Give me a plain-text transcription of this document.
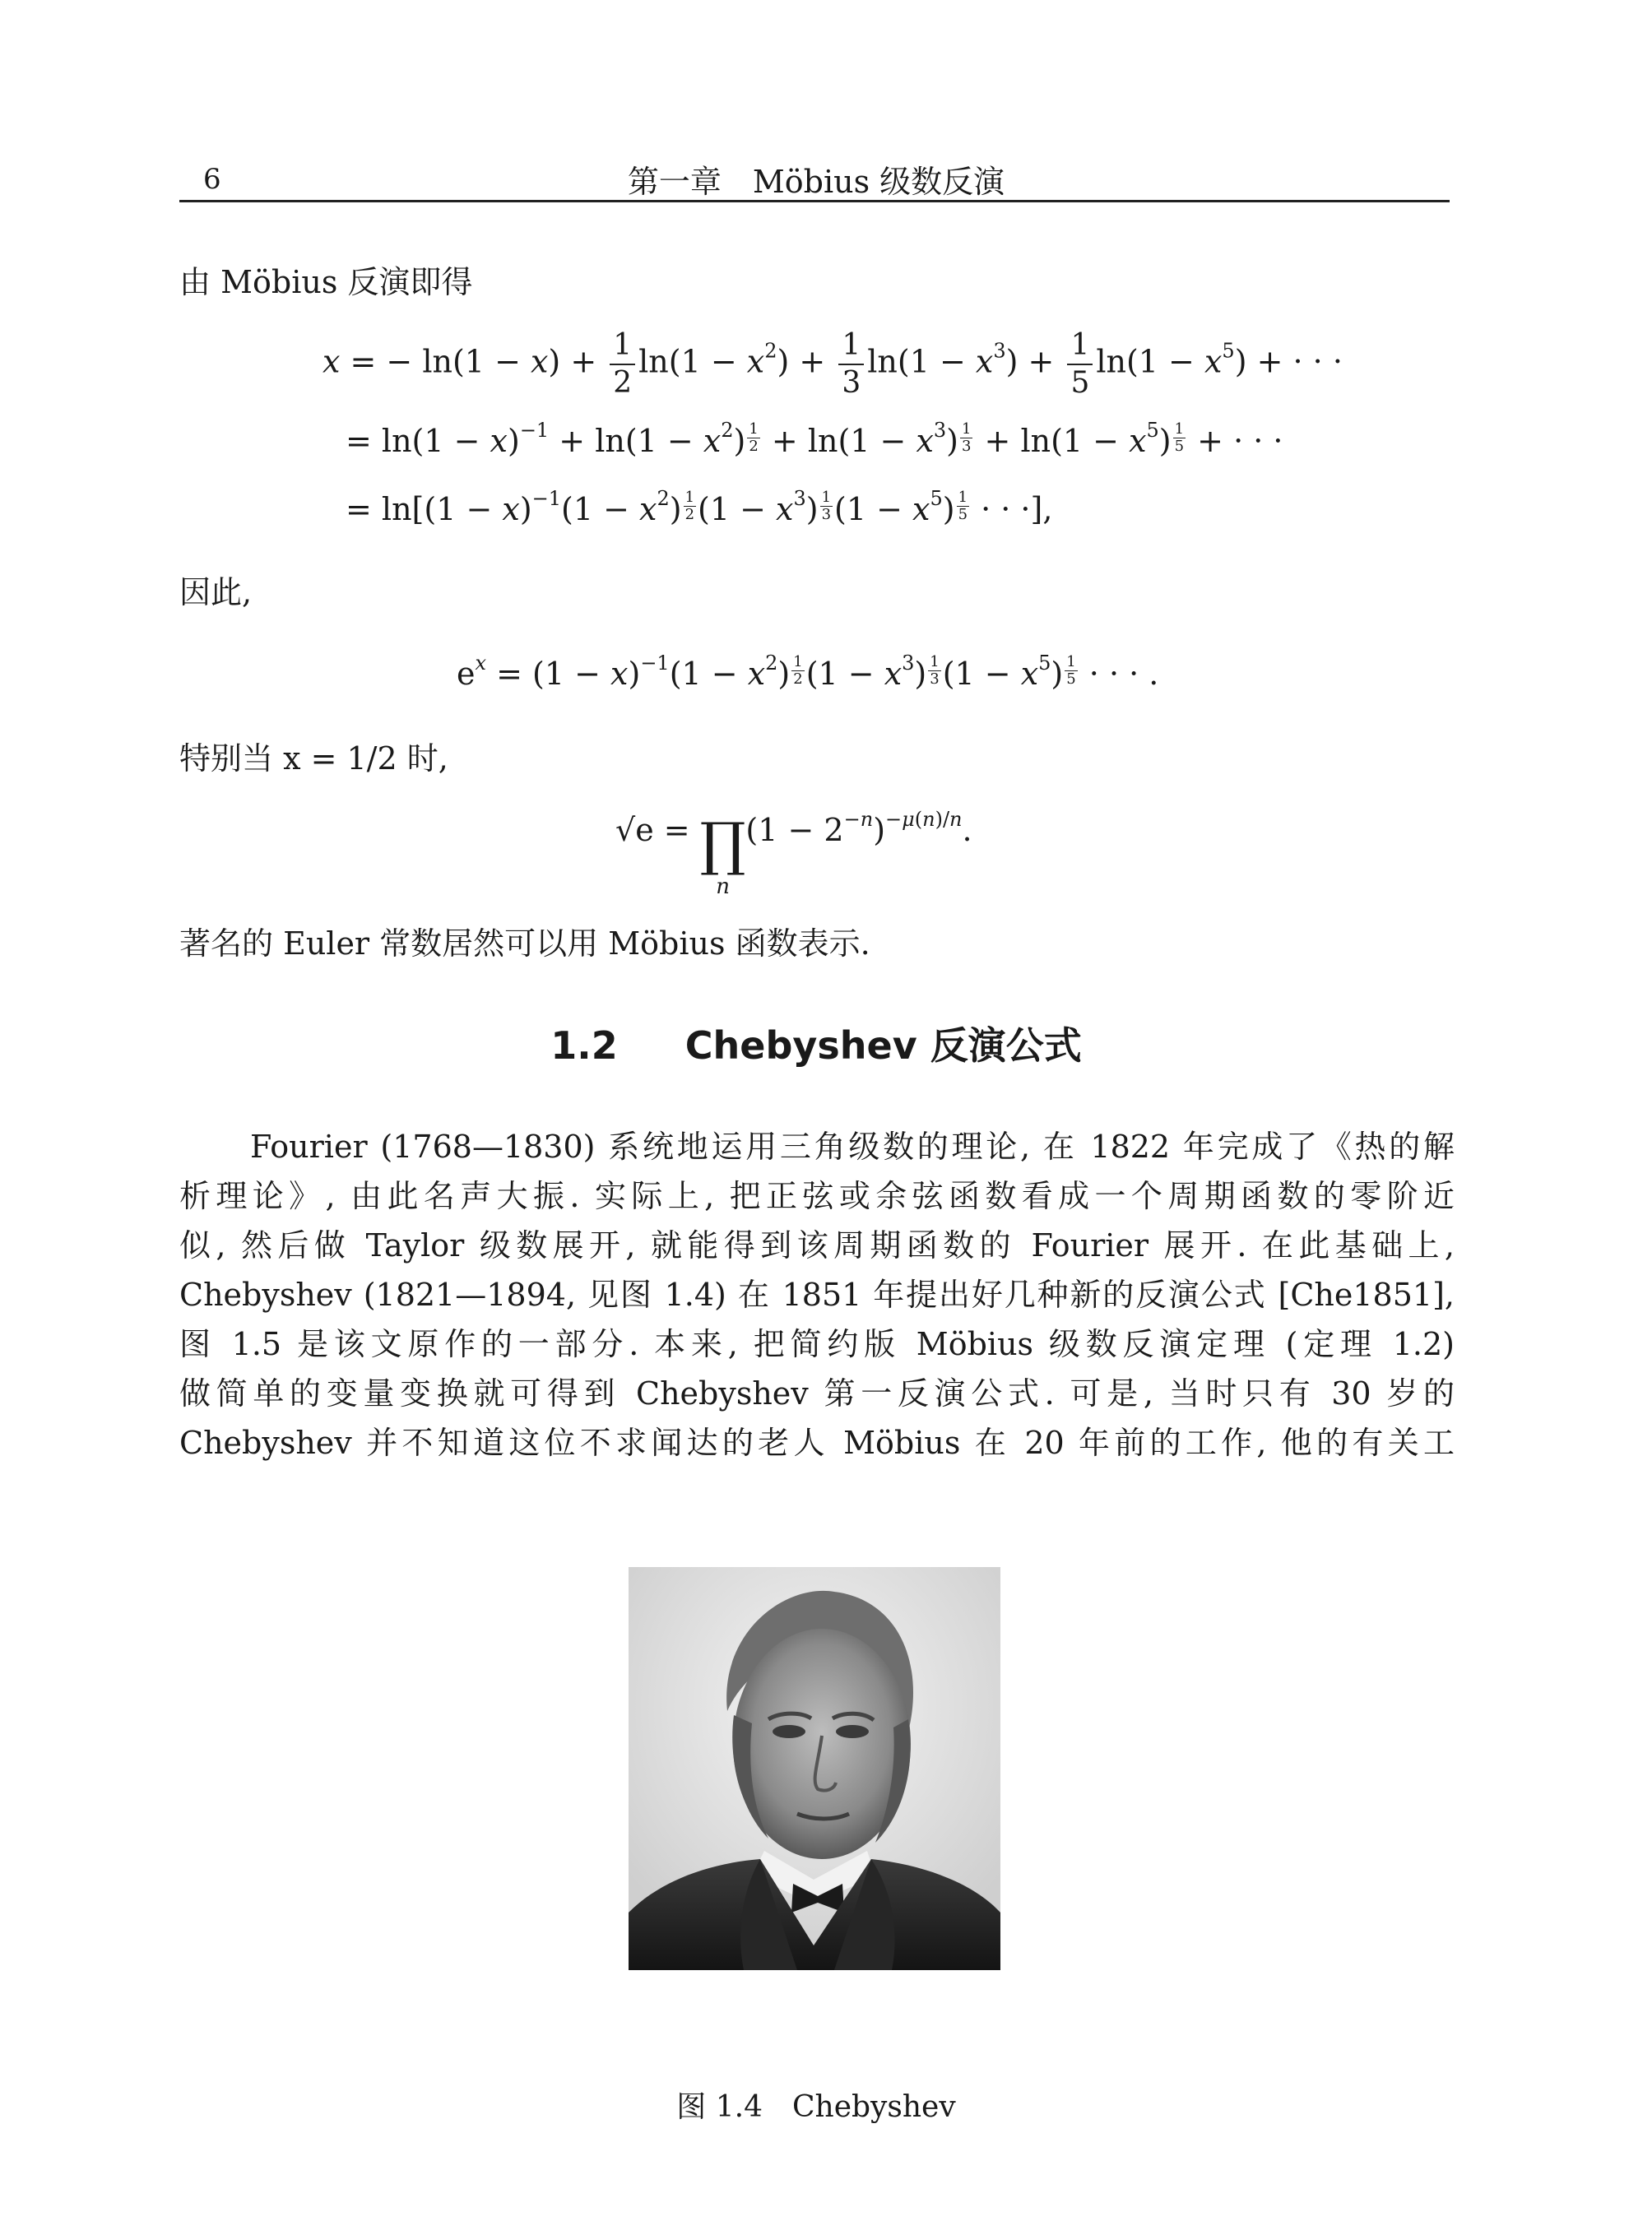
6	第一章　Möbius 级数反演
由 Möbius 反演即得
x = − $\ln(1 - x) + \frac{1}{2} \ln(1 - x^2) + \frac{1}{3} \ln(1 - x^3) + \frac{1}{5} \ln(1 - x^5)$ + · · ·
= $\ln(1 - x)^{-1} + \ln(1 - x^2) \frac{1}{2} + \ln(1 - x^3) \frac{1}{3} + \ln(1 - x^5) \frac{1}{5}$ + · · ·
= $\ln[(1 - x)^{-1}(1 - x^2) \frac{1}{2} (1 - x^3) \frac{1}{3} (1 - x^5) \frac{1}{5}$ · · ·],
因此,
$e^x = (1 - x)^{-1}(1 - x^2) \frac{1}{2} (1 - x^3) \frac{1}{3} (1 - x^5) \frac{1}{5}$ · · · .
特别当 x = 1/2 时,
√e = ∏
n
$(1 - 2^{-n})^{-\mu(n)/n}$.
著名的 Euler 常数居然可以用 Möbius 函数表示.
1.2 Chebyshev 反演公式
Fourier (1768—1830) 系统地运用三角级数的理论, 在 1822 年完成了《热的解
析理论》, 由此名声大振. 实际上, 把正弦或余弦函数看成一个周期函数的零阶近
似, 然后做 Taylor 级数展开, 就能得到该周期函数的 Fourier 展开. 在此基础上,
Chebyshev (1821—1894, 见图 1.4) 在 1851 年提出好几种新的反演公式 [Che1851],
图 1.5 是该文原作的一部分. 本来, 把简约版 Möbius 级数反演定理 (定理 1.2)
做简单的变量变换就可得到 Chebyshev 第一反演公式. 可是, 当时只有 30 岁的
Chebyshev 并不知道这位不求闻达的老人 Möbius 在 20 年前的工作, 他的有关工
图 1.4　Chebyshev
